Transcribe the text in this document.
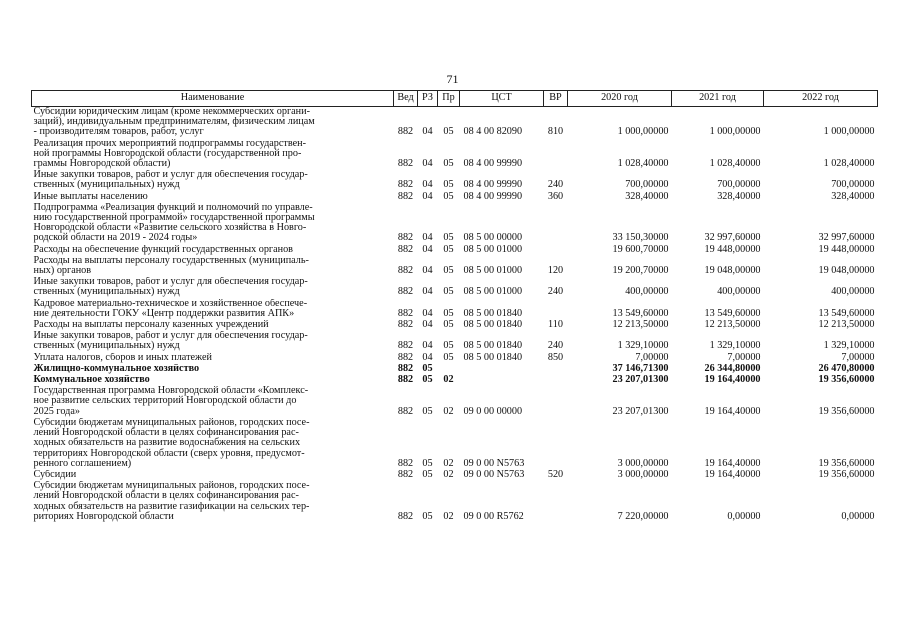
71
Наименование	Вед	РЗ	Пр	ЦСТ	ВР	2020 год	2021 год	2022 год

Субсидии юридическим лицам (кроме некоммерческих органи-
заций), индивидуальным предпринимателям, физическим лицам
- производителям товаров, работ, услуг	882	04	05	08 4 00 82090	810	1 000,00000	1 000,00000	1 000,00000

Реализация прочих мероприятий подпрограммы государствен-
ной программы Новгородской области (государственной про-
граммы Новгородской области)	882	04	05	08 4 00 99990		1 028,40000	1 028,40000	1 028,40000

Иные закупки товаров, работ и услуг для обеспечения государ-
ственных (муниципальных) нужд	882	04	05	08 4 00 99990	240	700,00000	700,00000	700,00000

Иные выплаты населению	882	04	05	08 4 00 99990	360	328,40000	328,40000	328,40000

Подпрограмма «Реализация функций и полномочий по управле-
нию государственной программой» государственной программы
Новгородской области «Развитие сельского хозяйства в Новго-
родской области на 2019 - 2024 годы»	882	04	05	08 5 00 00000		33 150,30000	32 997,60000	32 997,60000

Расходы на обеспечение функций государственных органов	882	04	05	08 5 00 01000		19 600,70000	19 448,00000	19 448,00000

Расходы на выплаты персоналу государственных (муниципаль-
ных) органов	882	04	05	08 5 00 01000	120	19 200,70000	19 048,00000	19 048,00000

Иные закупки товаров, работ и услуг для обеспечения государ-
ственных (муниципальных) нужд	882	04	05	08 5 00 01000	240	400,00000	400,00000	400,00000

Кадровое материально-техническое и хозяйственное обеспече-
ние деятельности ГОКУ «Центр поддержки развития АПК»	882	04	05	08 5 00 01840		13 549,60000	13 549,60000	13 549,60000

Расходы на выплаты персоналу казенных учреждений	882	04	05	08 5 00 01840	110	12 213,50000	12 213,50000	12 213,50000

Иные закупки товаров, работ и услуг для обеспечения государ-
ственных (муниципальных) нужд	882	04	05	08 5 00 01840	240	1 329,10000	1 329,10000	1 329,10000

Уплата налогов, сборов и иных платежей	882	04	05	08 5 00 01840	850	7,00000	7,00000	7,00000

Жилищно-коммунальное хозяйство	882	05				37 146,71300	26 344,80000	26 470,80000

Коммунальное хозяйство	882	05	02			23 207,01300	19 164,40000	19 356,60000

Государственная программа Новгородской области «Комплекс-
ное развитие сельских территорий Новгородской области до
2025 года»	882	05	02	09 0 00 00000		23 207,01300	19 164,40000	19 356,60000

Субсидии бюджетам муниципальных районов, городских посе-
лений Новгородской области в целях софинансирования рас-
ходных обязательств на развитие водоснабжения на сельских
территориях Новгородской области (сверх уровня, предусмот-
ренного соглашением)	882	05	02	09 0 00 N5763		3 000,00000	19 164,40000	19 356,60000

Субсидии	882	05	02	09 0 00 N5763	520	3 000,00000	19 164,40000	19 356,60000

Субсидии бюджетам муниципальных районов, городских посе-
лений Новгородской области в целях софинансирования рас-
ходных обязательств на развитие газификации на сельских тер-
риториях Новгородской области	882	05	02	09 0 00 R5762		7 220,00000	0,00000	0,00000
